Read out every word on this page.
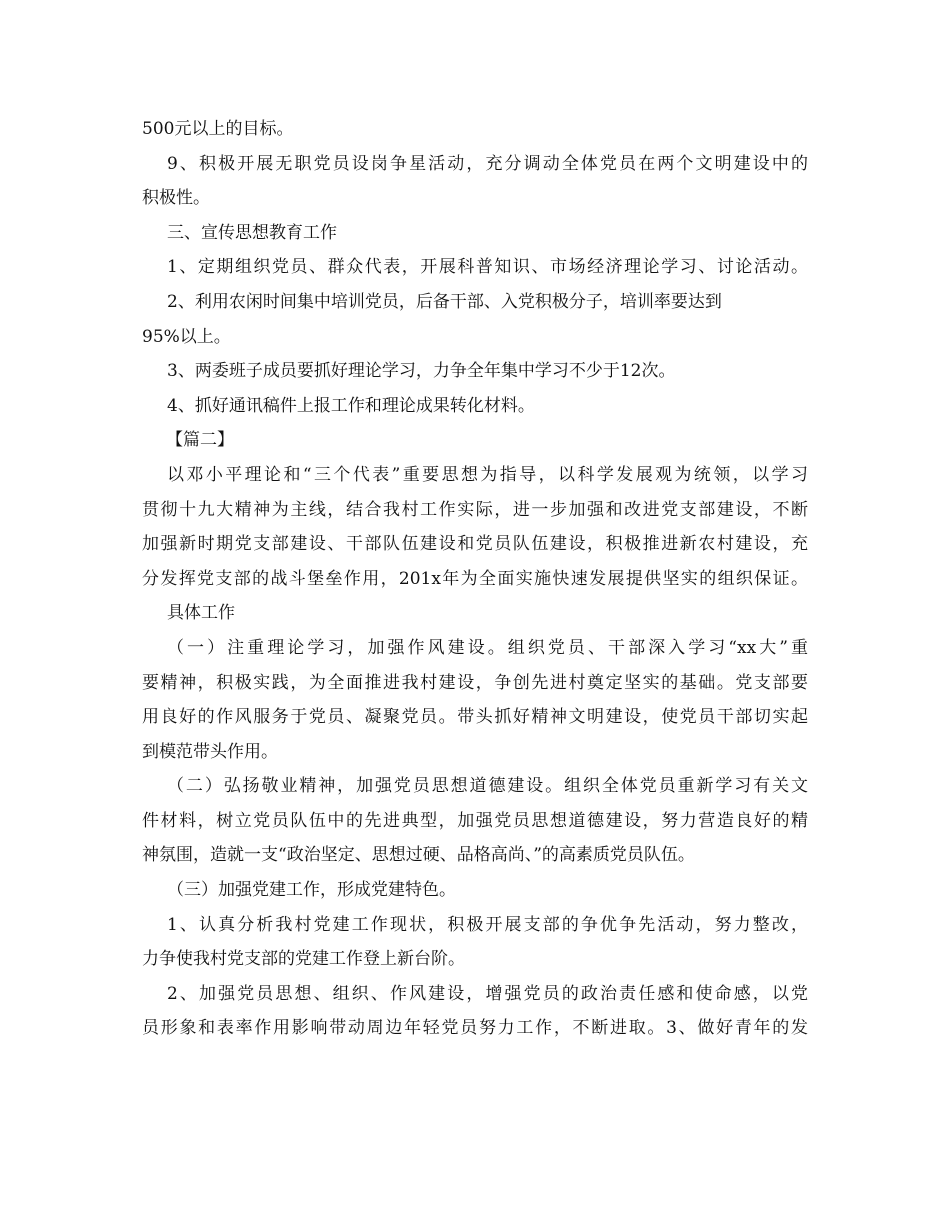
500元以上的目标。
9、积极开展无职党员设岗争星活动，充分调动全体党员在两个文明建设中的
积极性。
三、宣传思想教育工作
1、定期组织党员、群众代表，开展科普知识、市场经济理论学习、讨论活动。
2、利用农闲时间集中培训党员，后备干部、入党积极分子，培训率要达到
95%以上。
3、两委班子成员要抓好理论学习，力争全年集中学习不少于12次。
4、抓好通讯稿件上报工作和理论成果转化材料。
【篇二】
以邓小平理论和“三个代表”重要思想为指导，以科学发展观为统领，以学习
贯彻十九大精神为主线，结合我村工作实际，进一步加强和改进党支部建设，不断
加强新时期党支部建设、干部队伍建设和党员队伍建设，积极推进新农村建设，充
分发挥党支部的战斗堡垒作用，201x年为全面实施快速发展提供坚实的组织保证。
具体工作
（一）注重理论学习，加强作风建设。组织党员、干部深入学习“xx大”重
要精神，积极实践，为全面推进我村建设，争创先进村奠定坚实的基础。党支部要
用良好的作风服务于党员、凝聚党员。带头抓好精神文明建设，使党员干部切实起
到模范带头作用。
（二）弘扬敬业精神，加强党员思想道德建设。组织全体党员重新学习有关文
件材料，树立党员队伍中的先进典型，加强党员思想道德建设，努力营造良好的精
神氛围，造就一支“政治坚定、思想过硬、品格高尚、”的高素质党员队伍。
（三）加强党建工作，形成党建特色。
1、认真分析我村党建工作现状，积极开展支部的争优争先活动，努力整改，
力争使我村党支部的党建工作登上新台阶。
2、加强党员思想、组织、作风建设，增强党员的政治责任感和使命感，以党
员形象和表率作用影响带动周边年轻党员努力工作，不断进取。3、做好青年的发
